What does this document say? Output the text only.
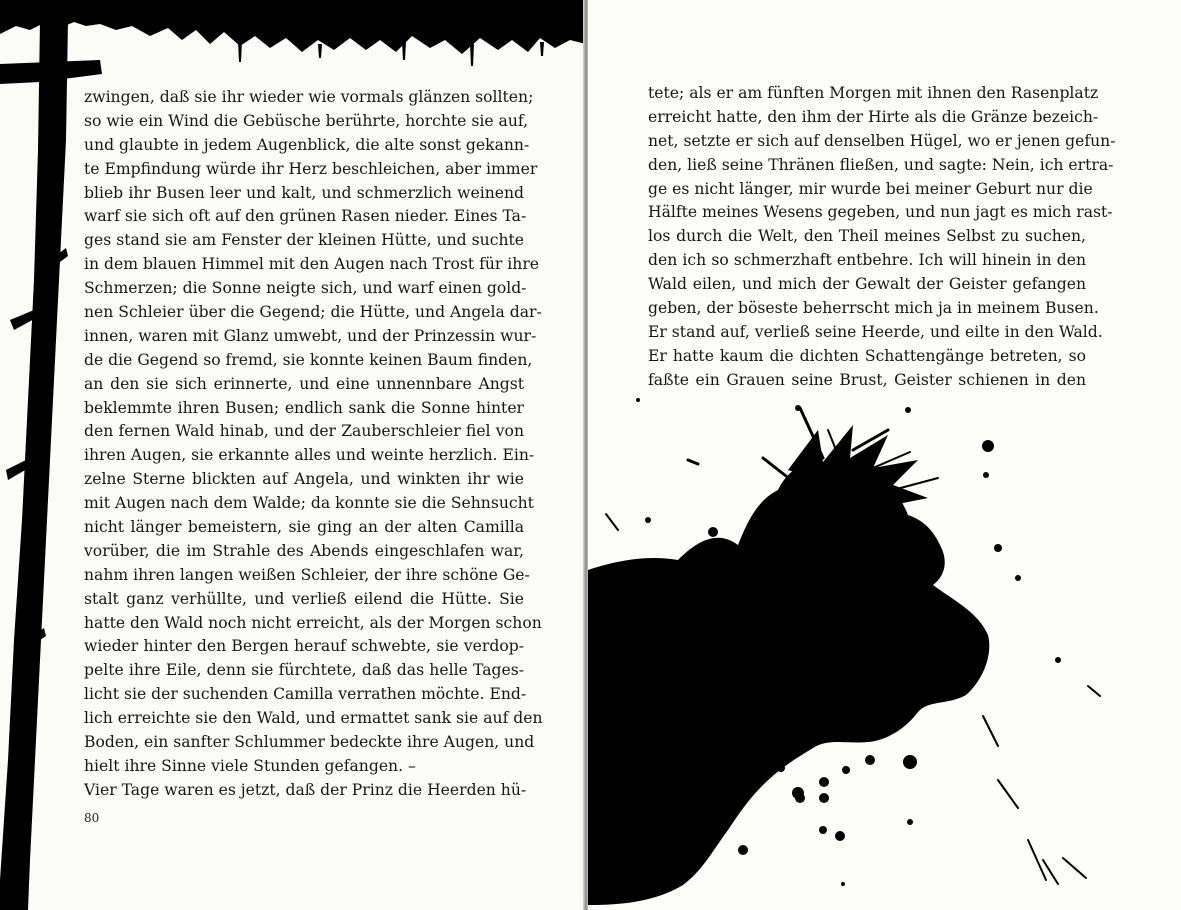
zwingen, daß sie ihr wieder wie vormals glänzen sollten;
so wie ein Wind die Gebüsche berührte, horchte sie auf,
und glaubte in jedem Augenblick, die alte sonst gekann-
te Empfindung würde ihr Herz beschleichen, aber immer
blieb ihr Busen leer und kalt, und schmerzlich weinend
warf sie sich oft auf den grünen Rasen nieder. Eines Ta-
ges stand sie am Fenster der kleinen Hütte, und suchte
in dem blauen Himmel mit den Augen nach Trost für ihre
Schmerzen; die Sonne neigte sich, und warf einen gold-
nen Schleier über die Gegend; die Hütte, und Angela dar-
innen, waren mit Glanz umwebt, und der Prinzessin wur-
de die Gegend so fremd, sie konnte keinen Baum finden,
an den sie sich erinnerte, und eine unnennbare Angst
beklemmte ihren Busen; endlich sank die Sonne hinter
den fernen Wald hinab, und der Zauberschleier fiel von
ihren Augen, sie erkannte alles und weinte herzlich. Ein-
zelne Sterne blickten auf Angela, und winkten ihr wie
mit Augen nach dem Walde; da konnte sie die Sehnsucht
nicht länger bemeistern, sie ging an der alten Camilla
vorüber, die im Strahle des Abends eingeschlafen war,
nahm ihren langen weißen Schleier, der ihre schöne Ge-
stalt ganz verhüllte, und verließ eilend die Hütte. Sie
hatte den Wald noch nicht erreicht, als der Morgen schon
wieder hinter den Bergen herauf schwebte, sie verdop-
pelte ihre Eile, denn sie fürchtete, daß das helle Tages-
licht sie der suchenden Camilla verrathen möchte. End-
lich erreichte sie den Wald, und ermattet sank sie auf den
Boden, ein sanfter Schlummer bedeckte ihre Augen, und
hielt ihre Sinne viele Stunden gefangen. –
Vier Tage waren es jetzt, daß der Prinz die Heerden hü-
80
tete; als er am fünften Morgen mit ihnen den Rasenplatz
erreicht hatte, den ihm der Hirte als die Gränze bezeich-
net, setzte er sich auf denselben Hügel, wo er jenen gefun-
den, ließ seine Thränen fließen, und sagte: Nein, ich ertra-
ge es nicht länger, mir wurde bei meiner Geburt nur die
Hälfte meines Wesens gegeben, und nun jagt es mich rast-
los durch die Welt, den Theil meines Selbst zu suchen,
den ich so schmerzhaft entbehre. Ich will hinein in den
Wald eilen, und mich der Gewalt der Geister gefangen
geben, der böseste beherrscht mich ja in meinem Busen.
Er stand auf, verließ seine Heerde, und eilte in den Wald.
Er hatte kaum die dichten Schattengänge betreten, so
faßte ein Grauen seine Brust, Geister schienen in den
